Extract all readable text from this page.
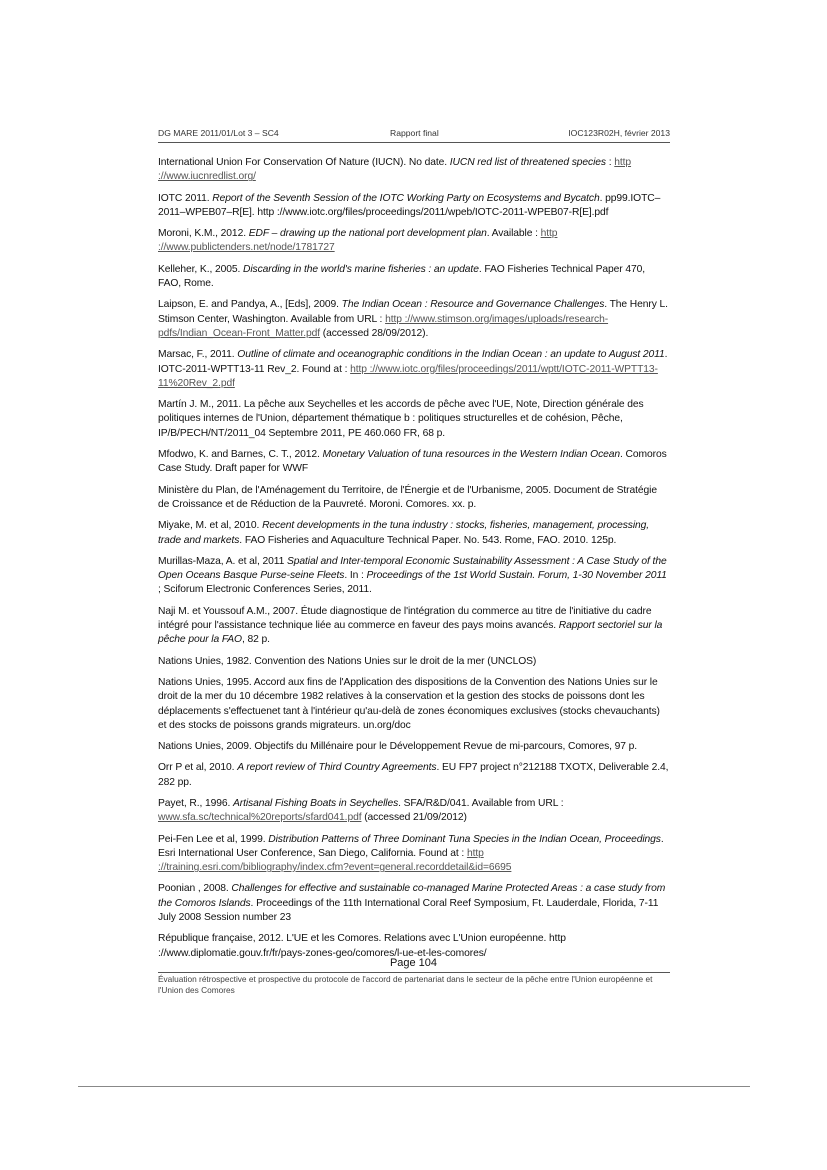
DG MARE 2011/01/Lot 3 – SC4	Rapport final	IOC123R02H, février 2013

International Union For Conservation Of Nature (IUCN). No date. IUCN red list of threatened species : http ://www.iucnredlist.org/

IOTC 2011. Report of the Seventh Session of the IOTC Working Party on Ecosystems and Bycatch. pp99.IOTC–2011–WPEB07–R[E]. http ://www.iotc.org/files/proceedings/2011/wpeb/IOTC-2011-WPEB07-R[E].pdf

Moroni, K.M., 2012. EDF – drawing up the national port development plan. Available : http ://www.publictenders.net/node/1781727

Kelleher, K., 2005. Discarding in the world's marine fisheries : an update. FAO Fisheries Technical Paper 470, FAO, Rome.

Laipson, E. and Pandya, A., [Eds], 2009. The Indian Ocean : Resource and Governance Challenges. The Henry L. Stimson Center, Washington. Available from URL : http ://www.stimson.org/images/uploads/research-pdfs/Indian_Ocean-Front_Matter.pdf (accessed 28/09/2012).

Marsac, F., 2011. Outline of climate and oceanographic conditions in the Indian Ocean : an update to August 2011. IOTC-2011-WPTT13-11 Rev_2. Found at : http ://www.iotc.org/files/proceedings/2011/wptt/IOTC-2011-WPTT13-11%20Rev_2.pdf

Martín J. M., 2011. La pêche aux Seychelles et les accords de pêche avec l'UE, Note, Direction générale des politiques internes de l'Union, département thématique b : politiques structurelles et de cohésion, Pêche, IP/B/PECH/NT/2011_04 Septembre 2011, PE 460.060 FR, 68 p.

Mfodwo, K. and Barnes, C. T., 2012. Monetary Valuation of tuna resources in the Western Indian Ocean. Comoros Case Study. Draft paper for WWF

Ministère du Plan, de l'Aménagement du Territoire, de l'Énergie et de l'Urbanisme, 2005. Document de Stratégie de Croissance et de Réduction de la Pauvreté. Moroni. Comores. xx. p.

Miyake, M. et al, 2010. Recent developments in the tuna industry : stocks, fisheries, management, processing, trade and markets. FAO Fisheries and Aquaculture Technical Paper. No. 543. Rome, FAO. 2010. 125p.

Murillas-Maza, A. et al, 2011 Spatial and Inter-temporal Economic Sustainability Assessment : A Case Study of the Open Oceans Basque Purse-seine Fleets. In : Proceedings of the 1st World Sustain. Forum, 1-30 November 2011 ; Sciforum Electronic Conferences Series, 2011.

Naji M. et Youssouf A.M., 2007. Étude diagnostique de l'intégration du commerce au titre de l'initiative du cadre intégré pour l'assistance technique liée au commerce en faveur des pays moins avancés. Rapport sectoriel sur la pêche pour la FAO, 82 p.

Nations Unies, 1982. Convention des Nations Unies sur le droit de la mer (UNCLOS)

Nations Unies, 1995. Accord aux fins de l'Application des dispositions de la Convention des Nations Unies sur le droit de la mer du 10 décembre 1982 relatives à la conservation et la gestion des stocks de poissons dont les déplacements s'effectuenet tant à l'intérieur qu'au-delà de zones économiques exclusives (stocks chevauchants) et des stocks de poissons grands migrateurs. un.org/doc

Nations Unies, 2009. Objectifs du Millénaire pour le Développement Revue de mi-parcours, Comores, 97 p.

Orr P et al, 2010. A report review of Third Country Agreements. EU FP7 project n°212188 TXOTX, Deliverable 2.4, 282 pp.

Payet, R., 1996. Artisanal Fishing Boats in Seychelles. SFA/R&D/041. Available from URL : www.sfa.sc/technical%20reports/sfard041.pdf (accessed 21/09/2012)

Pei-Fen Lee et al, 1999. Distribution Patterns of Three Dominant Tuna Species in the Indian Ocean, Proceedings. Esri International User Conference, San Diego, California. Found at : http ://training.esri.com/bibliography/index.cfm?event=general.recorddetail&id=6695

Poonian , 2008. Challenges for effective and sustainable co-managed Marine Protected Areas : a case study from the Comoros Islands. Proceedings of the 11th International Coral Reef Symposium, Ft. Lauderdale, Florida, 7-11 July 2008 Session number 23

République française, 2012. L'UE et les Comores. Relations avec L'Union européenne. http ://www.diplomatie.gouv.fr/fr/pays-zones-geo/comores/l-ue-et-les-comores/

Page 104
Évaluation rétrospective et prospective du protocole de l'accord de partenariat dans le secteur de la pêche entre l'Union européenne et l'Union des Comores
